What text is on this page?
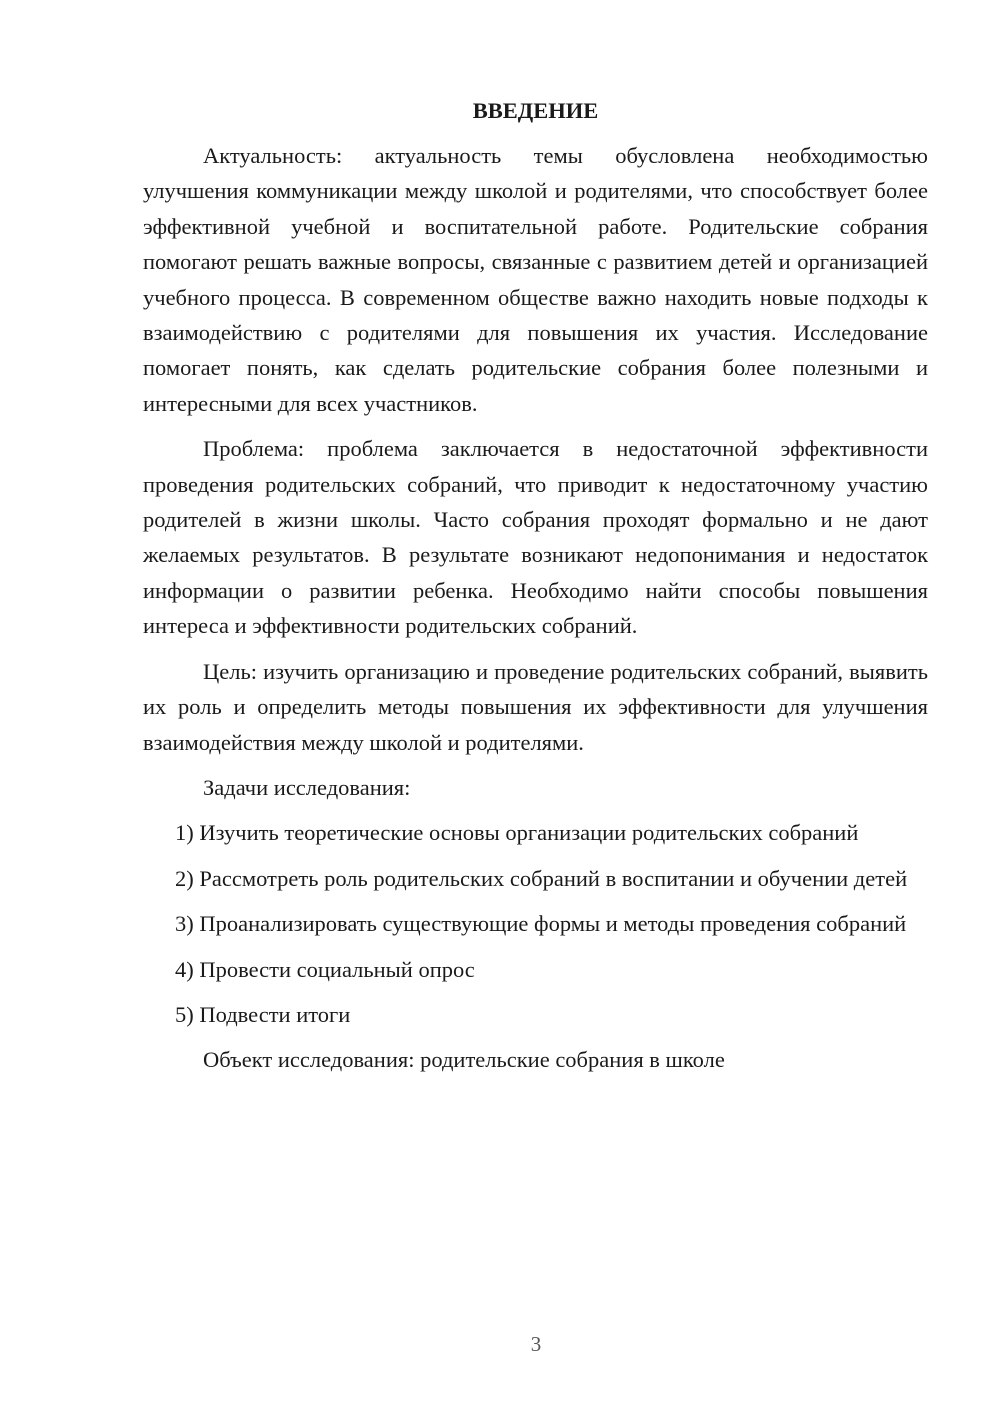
ВВЕДЕНИЕ

Актуальность: актуальность темы обусловлена необходимостью улучшения коммуникации между школой и родителями, что способствует более эффективной учебной и воспитательной работе. Родительские собрания помогают решать важные вопросы, связанные с развитием детей и организацией учебного процесса. В современном обществе важно находить новые подходы к взаимодействию с родителями для повышения их участия. Исследование помогает понять, как сделать родительские собрания более полезными и интересными для всех участников.

Проблема: проблема заключается в недостаточной эффективности проведения родительских собраний, что приводит к недостаточному участию родителей в жизни школы. Часто собрания проходят формально и не дают желаемых результатов. В результате возникают недопонимания и недостаток информации о развитии ребенка. Необходимо найти способы повышения интереса и эффективности родительских собраний.

Цель: изучить организацию и проведение родительских собраний, выявить их роль и определить методы повышения их эффективности для улучшения взаимодействия между школой и родителями.

Задачи исследования:

1) Изучить теоретические основы организации родительских собраний

2) Рассмотреть роль родительских собраний в воспитании и обучении детей

3) Проанализировать существующие формы и методы проведения собраний

4) Провести социальный опрос

5) Подвести итоги

Объект исследования: родительские собрания в школе

3
